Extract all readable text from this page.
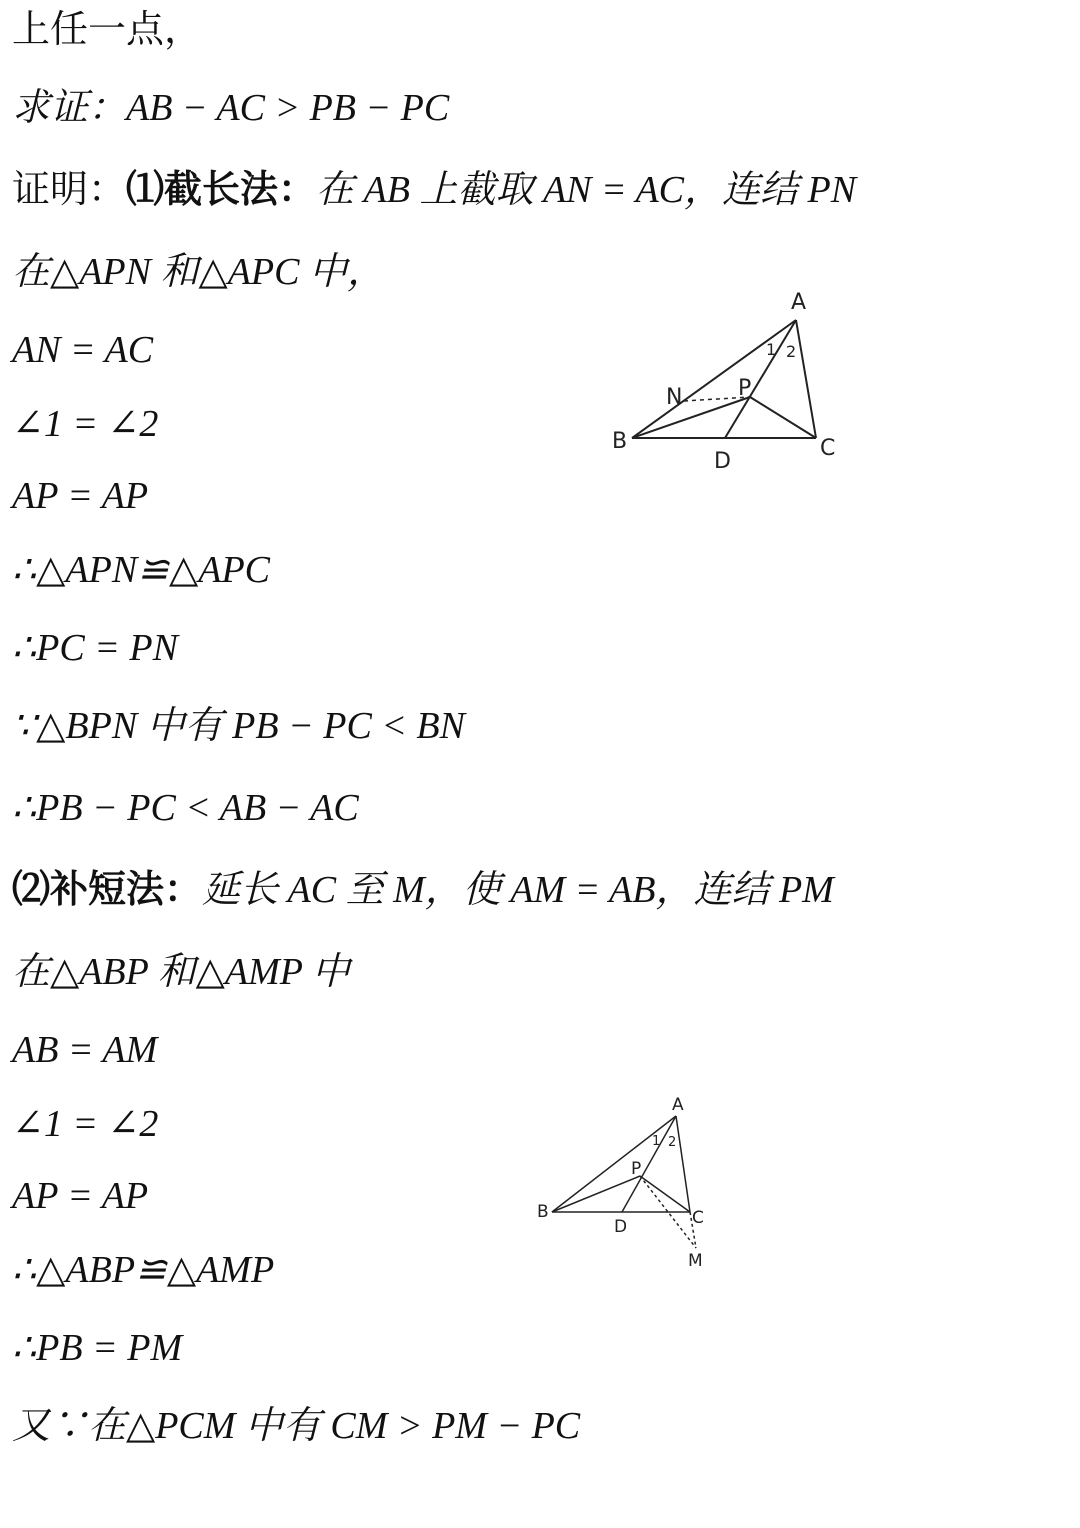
上任一点，
求证：AB − AC > PB − PC
证明：⑴截长法：在 AB 上截取 AN = AC，连结 PN
在△APN 和△APC 中，
AN = AC
∠1 = ∠2
AP = AP
∴△APN≌△APC
∴PC = PN
∵△BPN 中有 PB − PC < BN
∴PB − PC < AB − AC
⑵补短法：延长 AC 至 M，使 AM = AB，连结 PM
在△ABP 和△AMP 中
AB = AM
∠1 = ∠2
AP = AP
∴△ABP≌△AMP
∴PB = PM
又∵在△PCM 中有 CM > PM − PC
A
B	C
D
N	P
1 2
A
B	C
D
P
M
1 2
